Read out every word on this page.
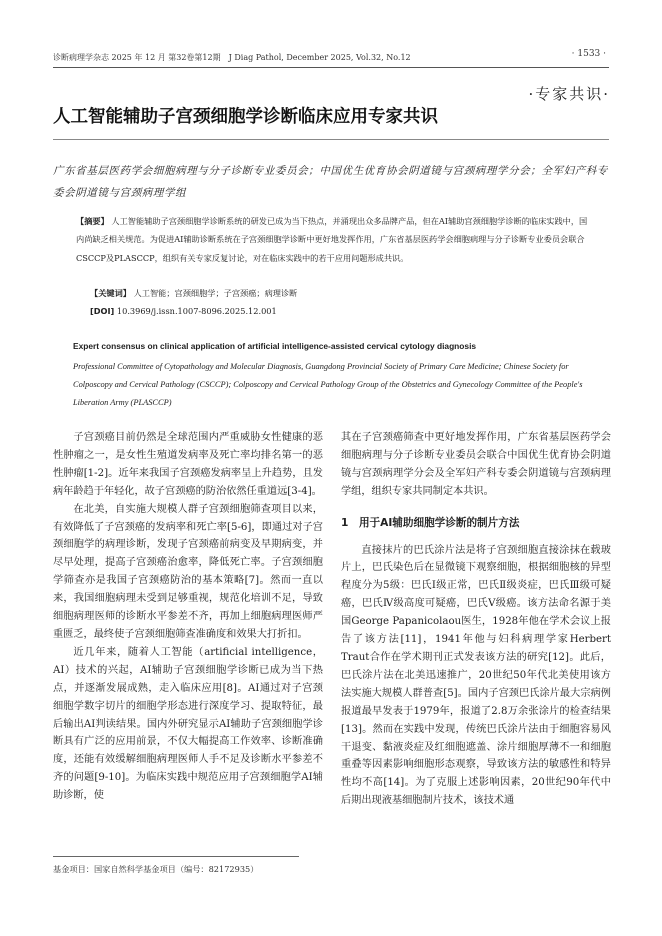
诊断病理学杂志 2025 年 12 月 第32卷第12期　J Diag Pathol, December 2025, Vol.32, No.12	· 1533 ·
·专家共识·
人工智能辅助子宫颈细胞学诊断临床应用专家共识
广东省基层医药学会细胞病理与分子诊断专业委员会；中国优生优育协会阴道镜与宫颈病理学分会；全军妇产科专委会阴道镜与宫颈病理学组
【摘要】 人工智能辅助子宫颈细胞学诊断系统的研发已成为当下热点，并涌现出众多品牌产品，但在AI辅助宫颈细胞学诊断的临床实践中，国内尚缺乏相关规范。为促进AI辅助诊断系统在子宫颈细胞学诊断中更好地发挥作用，广东省基层医药学会细胞病理与分子诊断专业委员会联合CSCCP及PLASCCP，组织有关专家反复讨论，对在临床实践中的若干应用问题形成共识。
【关键词】 人工智能；宫颈细胞学；子宫颈癌；病理诊断
[DOI] 10.3969/j.issn.1007-8096.2025.12.001
Expert consensus on clinical application of artificial intelligence-assisted cervical cytology diagnosis
Professional Committee of Cytopathology and Molecular Diagnosis, Guangdong Provincial Society of Primary Care Medicine; Chinese Society for Colposcopy and Cervical Pathology (CSCCP); Colposcopy and Cervical Pathology Group of the Obstetrics and Gynecology Committee of the People's Liberation Army (PLASCCP)

子宫颈癌目前仍然是全球范围内严重威胁女性健康的恶性肿瘤之一，是女性生殖道发病率及死亡率均排名第一的恶性肿瘤[1-2]。近年来我国子宫颈癌发病率呈上升趋势，且发病年龄趋于年轻化，故子宫颈癌的防治依然任重道远[3-4]。

在北美，自实施大规模人群子宫颈细胞筛查项目以来，有效降低了子宫颈癌的发病率和死亡率[5-6]，即通过对子宫颈细胞学的病理诊断，发现子宫颈癌前病变及早期病变，并尽早处理，提高子宫颈癌治愈率，降低死亡率。子宫颈细胞学筛查亦是我国子宫颈癌防治的基本策略[7]。然而一直以来，我国细胞病理未受到足够重视，规范化培训不足，导致细胞病理医师的诊断水平参差不齐，再加上细胞病理医师严重匮乏，最终使子宫颈细胞筛查准确度和效果大打折扣。

近几年来，随着人工智能（artificial intelligence，AI）技术的兴起，AI辅助子宫颈细胞学诊断已成为当下热点，并逐渐发展成熟，走入临床应用[8]。AI通过对子宫颈细胞学数字切片的细胞学形态进行深度学习、提取特征，最后输出AI判读结果。国内外研究显示AI辅助子宫颈细胞学诊断具有广泛的应用前景，不仅大幅提高工作效率、诊断准确度，还能有效缓解细胞病理医师人手不足及诊断水平参差不齐的问题[9-10]。为临床实践中规范应用子宫颈细胞学AI辅助诊断，使

其在子宫颈癌筛查中更好地发挥作用，广东省基层医药学会细胞病理与分子诊断专业委员会联合中国优生优育协会阴道镜与宫颈病理学分会及全军妇产科专委会阴道镜与宫颈病理学组，组织专家共同制定本共识。

1　用于AI辅助细胞学诊断的制片方法

直接抹片的巴氏涂片法是将子宫颈细胞直接涂抹在载玻片上，巴氏染色后在显微镜下观察细胞，根据细胞核的异型程度分为5级：巴氏Ⅰ级正常，巴氏Ⅱ级炎症，巴氏Ⅲ级可疑癌，巴氏Ⅳ级高度可疑癌，巴氏Ⅴ级癌。该方法命名源于美国George Papanicolaou医生，1928年他在学术会议上报告了该方法[11]，1941年他与妇科病理学家Herbert Traut合作在学术期刊正式发表该方法的研究[12]。此后，巴氏涂片法在北美迅速推广，20世纪50年代北美使用该方法实施大规模人群普查[5]。国内子宫颈巴氏涂片最大宗病例报道最早发表于1979年，报道了2.8万余张涂片的检查结果[13]。然而在实践中发现，传统巴氏涂片法由于细胞容易风干退变、黏液炎症及红细胞遮盖、涂片细胞厚薄不一和细胞重叠等因素影响细胞形态观察，导致该方法的敏感性和特异性均不高[14]。为了克服上述影响因素，20世纪90年代中后期出现液基细胞制片技术，该技术通

基金项目：国家自然科学基金项目（编号：82172935）
